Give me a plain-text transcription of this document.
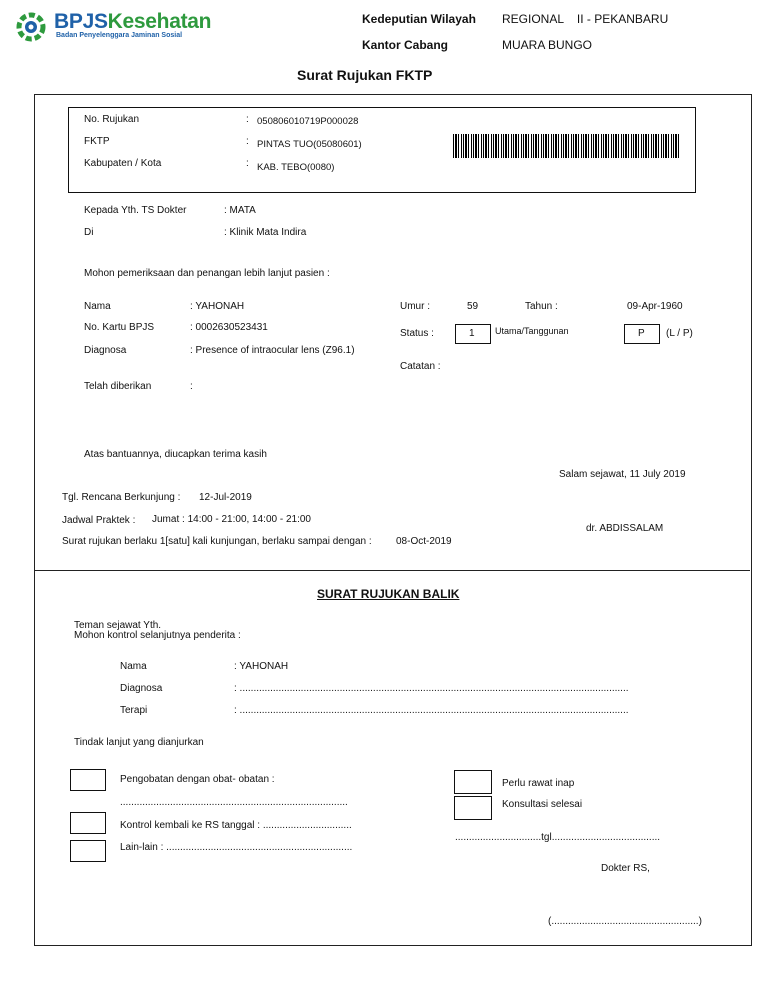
BPJSKesehatan
Badan Penyelenggara Jaminan Sosial
Kedeputian Wilayah REGIONAL    II - PEKANBARU
Kantor Cabang	MUARA BUNGO
Surat Rujukan FKTP
No. Rujukan	: 050806010719P000028
FKTP	: PINTAS TUO(05080601)
Kabupaten / Kota	: KAB. TEBO(0080)
Kepada Yth. TS Dokter	: MATA
Di	: Klinik Mata Indira
Mohon pemeriksaan dan penangan lebih lanjut pasien :
Nama	: YAHONAH
No. Kartu BPJS	: 0002630523431
Diagnosa	: Presence of intraocular lens (Z96.1)
Telah diberikan	:
Umur :	59	Tahun :	09-Apr-1960
Status :	1 Utama/Tanggunan	P (L / P)
Catatan :
Atas bantuannya, diucapkan terima kasih
Salam sejawat, 11 July 2019
Tgl. Rencana Berkunjung : 12-Jul-2019
Jadwal Praktek : Jumat : 14:00 - 21:00, 14:00 - 21:00
Surat rujukan berlaku 1[satu] kali kunjungan, berlaku sampai dengan : 08-Oct-2019
dr. ABDISSALAM
SURAT RUJUKAN BALIK
Teman sejawat Yth.
Mohon kontrol selanjutnya penderita :
Nama	: YAHONAH
Diagnosa	: ............................................................................................................................................
Terapi	: ............................................................................................................................................
Tindak lanjut yang dianjurkan
Pengobatan dengan obat- obatan :
..................................................................................
Kontrol kembali ke RS tanggal : ................................
Lain-lain : ...................................................................
Perlu rawat inap
Konsultasi selesai
...............................tgl.......................................
Dokter RS,
(.....................................................)
